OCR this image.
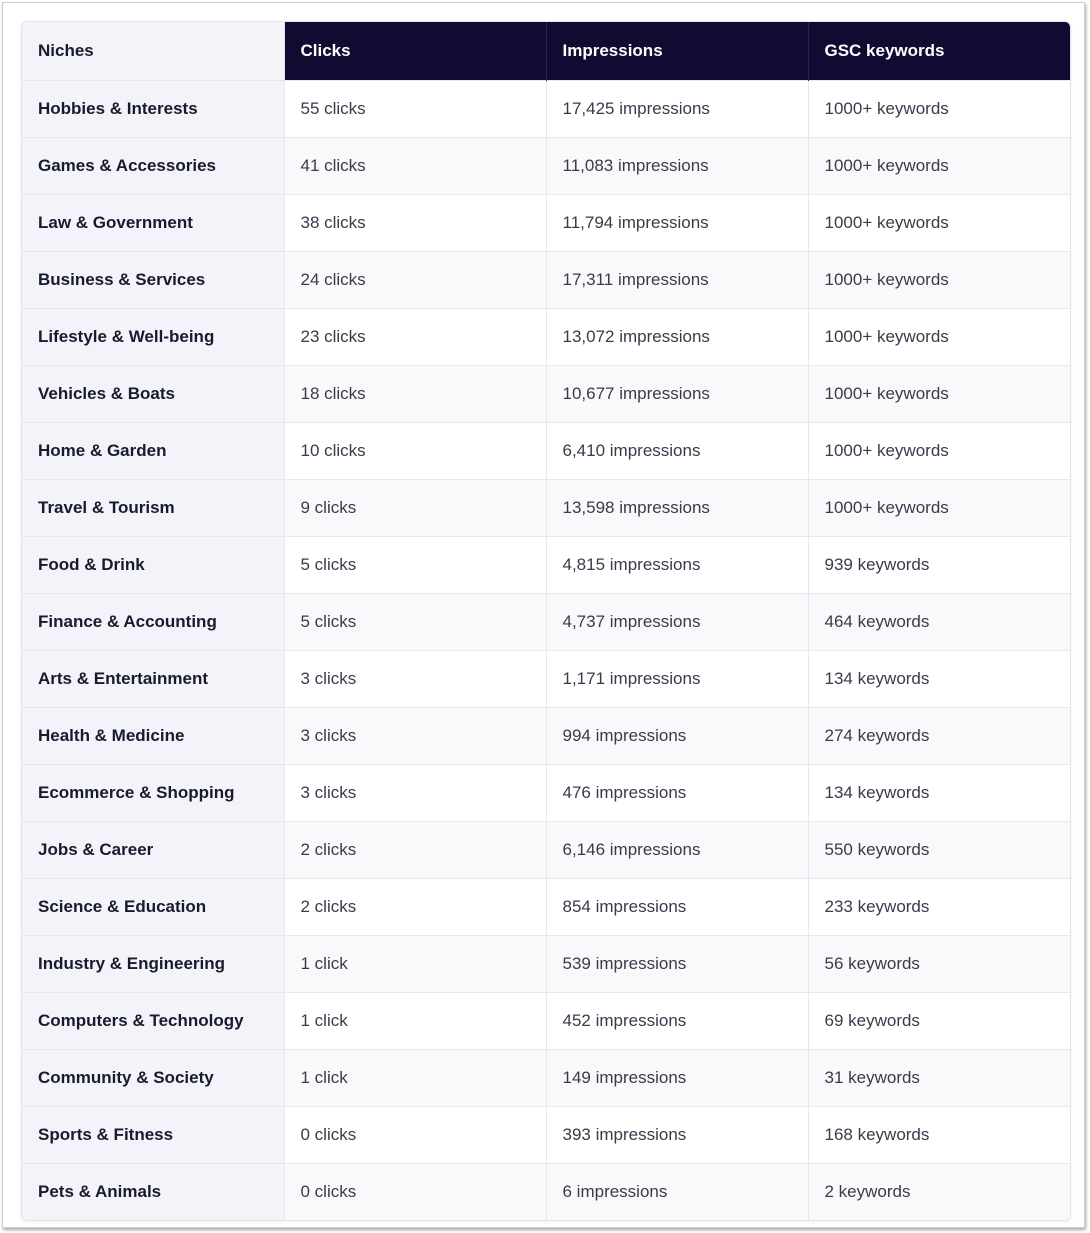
Niches	Clicks	Impressions	GSC keywords
Hobbies & Interests	55 clicks	17,425 impressions	1000+ keywords
Games & Accessories	41 clicks	11,083 impressions	1000+ keywords
Law & Government	38 clicks	11,794 impressions	1000+ keywords
Business & Services	24 clicks	17,311 impressions	1000+ keywords
Lifestyle & Well-being	23 clicks	13,072 impressions	1000+ keywords
Vehicles & Boats	18 clicks	10,677 impressions	1000+ keywords
Home & Garden	10 clicks	6,410 impressions	1000+ keywords
Travel & Tourism	9 clicks	13,598 impressions	1000+ keywords
Food & Drink	5 clicks	4,815 impressions	939 keywords
Finance & Accounting	5 clicks	4,737 impressions	464 keywords
Arts & Entertainment	3 clicks	1,171 impressions	134 keywords
Health & Medicine	3 clicks	994 impressions	274 keywords
Ecommerce & Shopping	3 clicks	476 impressions	134 keywords
Jobs & Career	2 clicks	6,146 impressions	550 keywords
Science & Education	2 clicks	854 impressions	233 keywords
Industry & Engineering	1 click	539 impressions	56 keywords
Computers & Technology	1 click	452 impressions	69 keywords
Community & Society	1 click	149 impressions	31 keywords
Sports & Fitness	0 clicks	393 impressions	168 keywords
Pets & Animals	0 clicks	6 impressions	2 keywords
